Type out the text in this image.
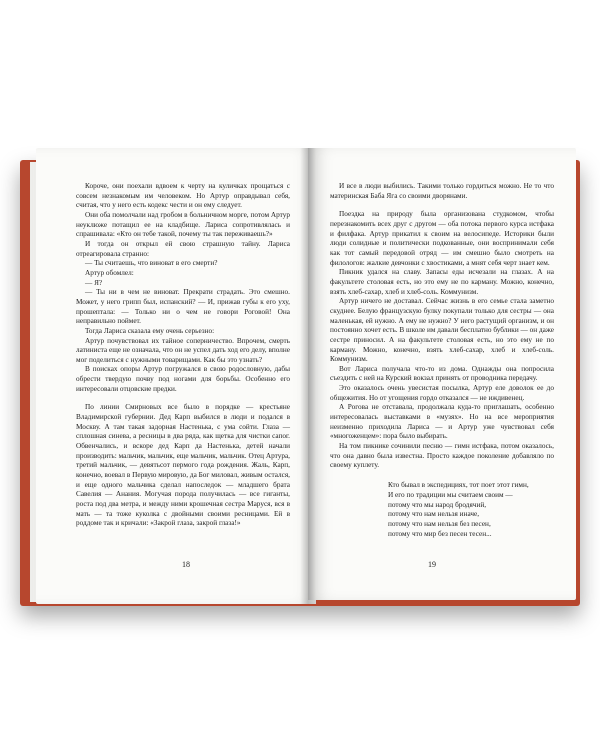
Короче, они поехали вдвоем к черту на куличках прощаться с совсем незнакомым им человеком. Но Артур оправдывал себя, считая, что у него есть кодекс чести и он ему следует.

Они оба помолчали над гробом в больничном морге, потом Артур неуклюже потащил ее на кладбище. Лариса сопротивлялась и спрашивала: «Кто он тебе такой, почему ты так переживаешь?»

И тогда он открыл ей свою страшную тайну. Лариса отреагировала странно:

— Ты считаешь, что виноват в его смерти?

Артур обомлел:

— Я?

— Ты ни в чем не виноват. Прекрати страдать. Это смешно. Может, у него грипп был, испанский? — И, прижав губы к его уху, прошептала: — Только ни о чем не говори Роговой! Она неправильно поймет.

Тогда Лариса сказала ему очень серьезно:

Артур почувствовал их тайное соперничество. Впрочем, смерть латиниста еще не означала, что он не успел дать ход его делу, вполне мог поделиться с нужными товарищами. Как бы это узнать?

В поисках опоры Артур погружался в свою родословную, дабы обрести твердую почву под ногами для борьбы. Особенно его интересовали отцовские предки.

По линии Смирновых все было в порядке — крестьяне Владимирской губернии. Дед Карп выбился в люди и подался в Москву. А там такая задорная Настенька, с ума сойти. Глаза — сплошная синева, а ресницы в два ряда, как щетка для чистки сапог. Обвенчались, и вскоре дед Карп да Настенька, детей начали производить: мальчик, мальчик, еще мальчик, мальчик. Отец Артура, третий мальчик, — девятьсот пермого года рождения. Жаль, Карп, конечно, воевал в Первую мировую, да Бог миловал, живым остался, и еще одного мальчика сделал напоследок — младшего брата Савелия — Анания. Могучая порода получилась — все гиганты, роста под два метра, и между ними крошечная сестра Маруся, вся в мать — та тоже куколка с двойными своими ресницами. Ей в роддоме так и кричали: «Закрой глаза, закрой глаза!»

18

И все в люди выбились. Такими только гордиться можно. Не то что материнская Баба Яга со своими дворянами.

Поездка на природу была организована студкомом, чтобы перезнакомить всех друг с другом — оба потока первого курса истфака и филфака. Артур прикатил к своим на велосипеде. Историки были люди солидные и политически подкованные, они воспринимали себя как тот самый передовой отряд — им смешно было смотреть на филологов: жалкие девчонки с хвостиками, а мнят себя черт знает кем.

Пикник удался на славу. Запасы еды исчезали на глазах. А на факультете столовая есть, но это ему не по карману. Можно, конечно, взять хлеб-сахар, хлеб и хлеб-соль. Коммунизм.

Артур ничего не доставал. Сейчас жизнь в его семье стала заметно скуднее. Белую французскую булку покупали только для сестры — она маленькая, ей нужно. А ему не нужно? У него растущий организм, и он постоянно хочет есть. В школе им давали бесплатно бублики — он даже сестре приносил. А на факультете столовая есть, но это ему не по карману. Можно, конечно, взять хлеб-сахар, хлеб и хлеб-соль. Коммунизм.

Вот Лариса получала что-то из дома. Однажды она попросила съездить с ней на Курский вокзал принять от проводника передачу.

Это оказалось очень увесистая посылка, Артур еле доволок ее до общежития. Но от угощения гордо отказался — не иждивенец.

А Рогова не отставала, продолжала куда-то приглашать, особенно интересовалась выставками в «музях». Но на все мероприятия неизменно приходила Лариса — и Артур уже чувствовал себя «многоженцем»: пора было выбирать.

На том пикнике сочинили песню — гимн истфака, потом оказалось, что она давно была известна. Просто каждое поколение добавляло по своему куплету.

Кто бывал в экспедициях, тот поет этот гимн,
И его по традиции мы считаем своим —
потому что мы народ бродячий,
потому что нам нельзя иначе,
потому что нам нельзя без песен,
потому что мир без песен тесен...
19
